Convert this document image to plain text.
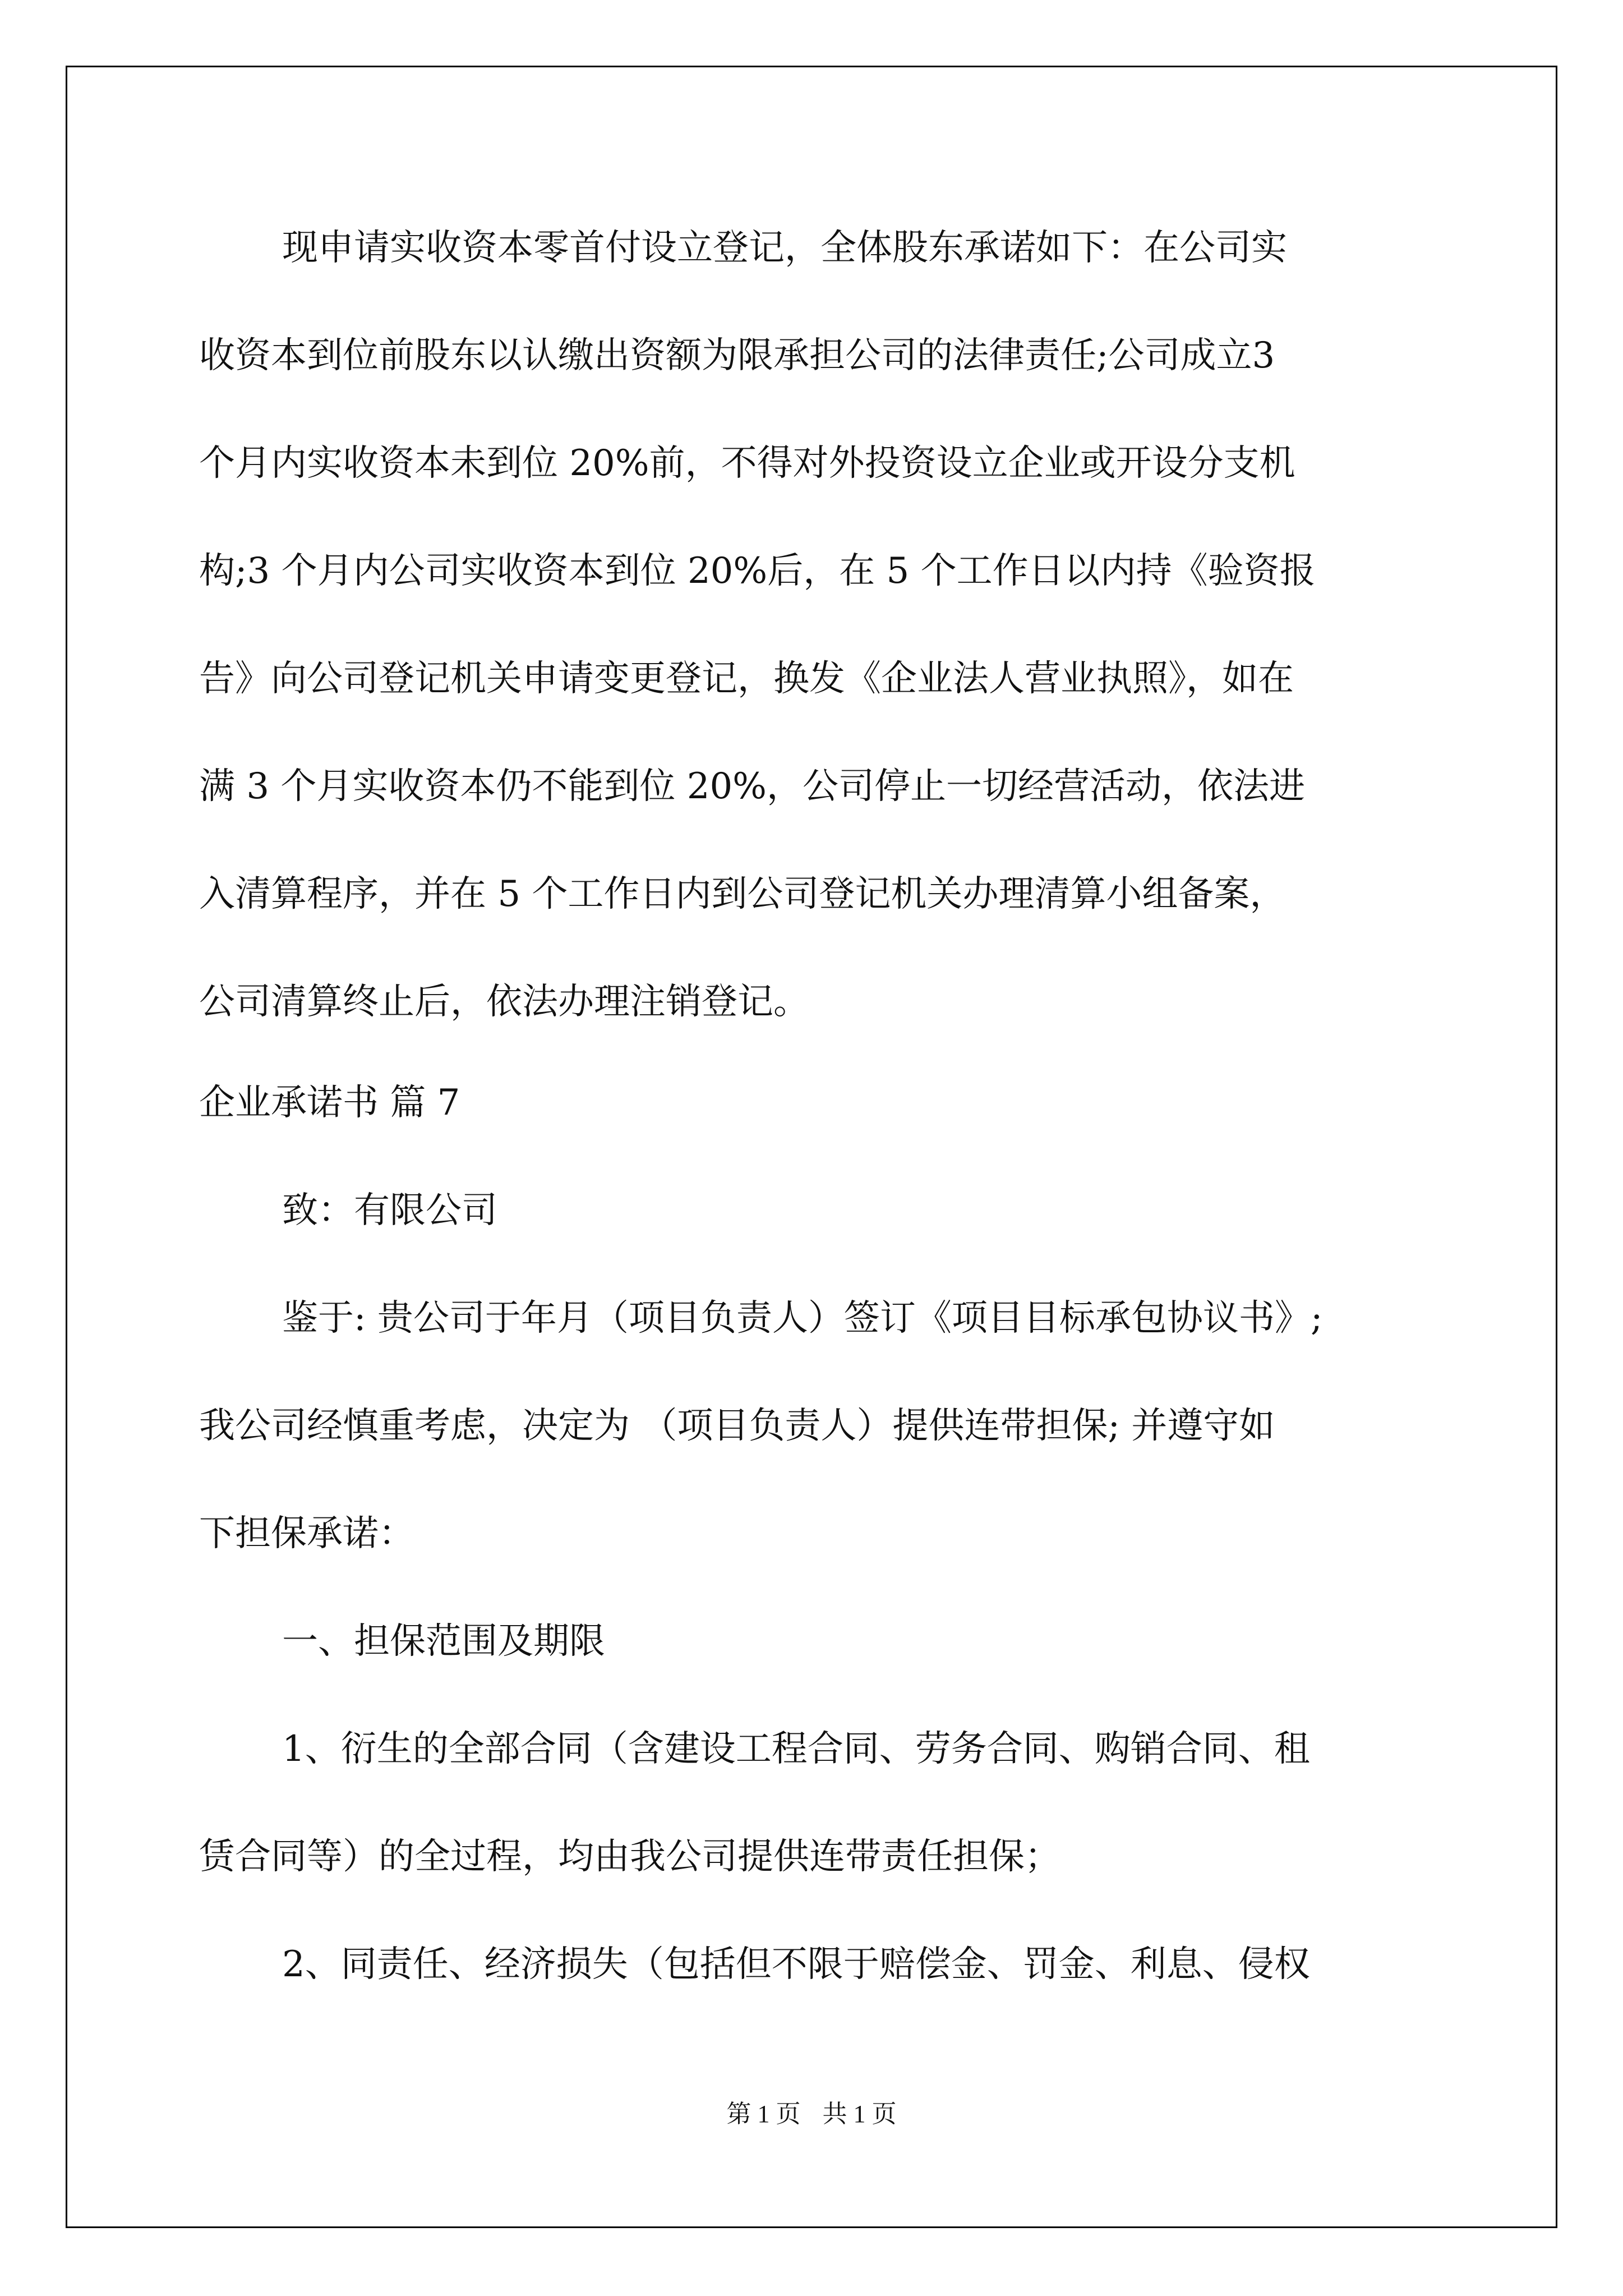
现申请实收资本零首付设立登记，全体股东承诺如下：在公司实
收资本到位前股东以认缴出资额为限承担公司的法律责任;公司成立3
个月内实收资本未到位 20%前，不得对外投资设立企业或开设分支机
构;3 个月内公司实收资本到位 20%后，在 5 个工作日以内持《验资报
告》向公司登记机关申请变更登记，换发《企业法人营业执照》，如在
满 3 个月实收资本仍不能到位 20%，公司停止一切经营活动，依法进
入清算程序，并在 5 个工作日内到公司登记机关办理清算小组备案，
公司清算终止后，依法办理注销登记。
企业承诺书 篇 7
致：有限公司
鉴于: 贵公司于年月（项目负责人）签订《项目目标承包协议书》;
我公司经慎重考虑，决定为 （项目负责人）提供连带担保; 并遵守如
下担保承诺：
一、担保范围及期限
1、衍生的全部合同（含建设工程合同、劳务合同、购销合同、租
赁合同等）的全过程，均由我公司提供连带责任担保；
2、同责任、经济损失（包括但不限于赔偿金、罚金、利息、侵权
第 1 页 共 1 页
